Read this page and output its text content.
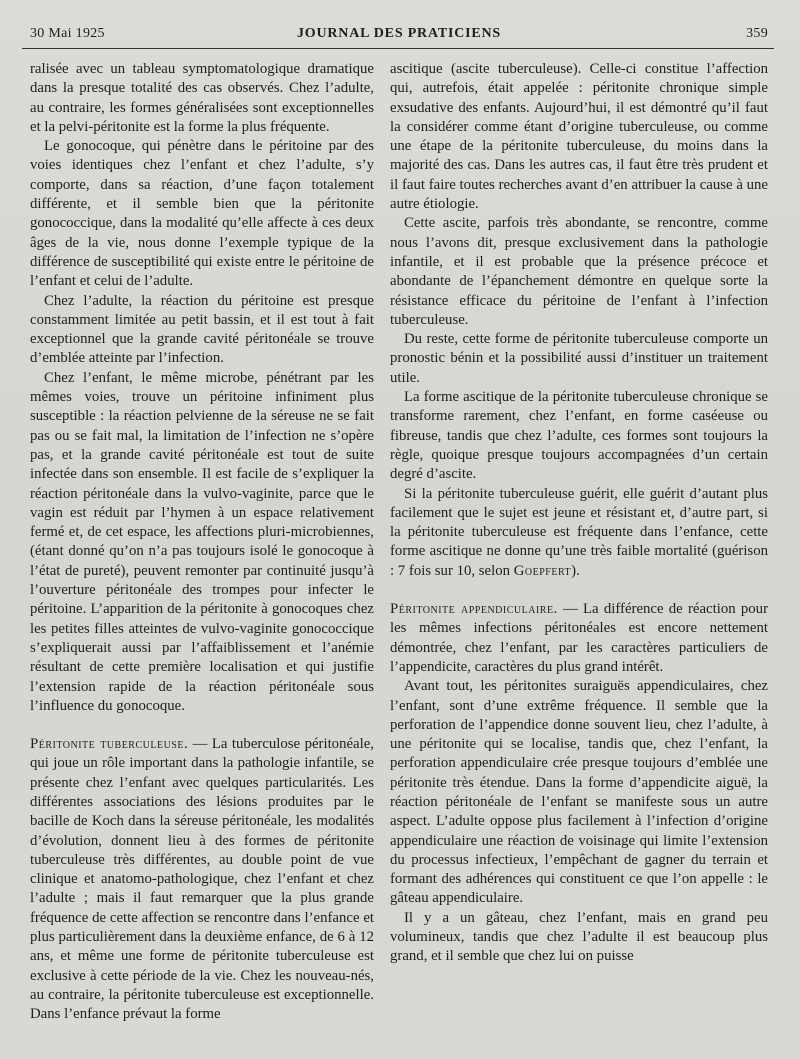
30 Mai 1925	JOURNAL DES PRATICIENS	359

ralisée avec un tableau symptomatologique dramatique dans la presque totalité des cas observés. Chez l’adulte, au contraire, les formes généralisées sont exceptionnelles et la pelvi-péritonite est la forme la plus fréquente.

Le gonocoque, qui pénètre dans le péritoine par des voies identiques chez l’enfant et chez l’adulte, s’y comporte, dans sa réaction, d’une façon totalement différente, et il semble bien que la péritonite gonococcique, dans la modalité qu’elle affecte à ces deux âges de la vie, nous donne l’exemple typique de la différence de susceptibilité qui existe entre le péritoine de l’enfant et celui de l’adulte.

Chez l’adulte, la réaction du péritoine est presque constamment limitée au petit bassin, et il est tout à fait exceptionnel que la grande cavité péritonéale se trouve d’emblée atteinte par l’infection.

Chez l’enfant, le même microbe, pénétrant par les mêmes voies, trouve un péritoine infiniment plus susceptible : la réaction pelvienne de la séreuse ne se fait pas ou se fait mal, la limitation de l’infection ne s’opère pas, et la grande cavité péritonéale est tout de suite infectée dans son ensemble. Il est facile de s’expliquer la réaction péritonéale dans la vulvo-vaginite, parce que le vagin est réduit par l’hymen à un espace relativement fermé et, de cet espace, les affections pluri-microbiennes, (étant donné qu’on n’a pas toujours isolé le gonocoque à l’état de pureté), peuvent remonter par continuité jusqu’à l’ouverture péritonéale des trompes pour infecter le péritoine. L’apparition de la péritonite à gonocoques chez les petites filles atteintes de vulvo-vaginite gonococcique s’expliquerait aussi par l’affaiblissement et l’anémie résultant de cette première localisation et qui justifie l’extension rapide de la réaction péritonéale sous l’influence du gonocoque.

Péritonite tuberculeuse. — La tuberculose péritonéale, qui joue un rôle important dans la pathologie infantile, se présente chez l’enfant avec quelques particularités. Les différentes associations des lésions produites par le bacille de Koch dans la séreuse péritonéale, les modalités d’évolution, donnent lieu à des formes de péritonite tuberculeuse très différentes, au double point de vue clinique et anatomo-pathologique, chez l’enfant et chez l’adulte ; mais il faut remarquer que la plus grande fréquence de cette affection se rencontre dans l’enfance et plus particulièrement dans la deuxième enfance, de 6 à 12 ans, et même une forme de péritonite tuberculeuse est exclusive à cette période de la vie. Chez les nouveau-nés, au contraire, la péritonite tuberculeuse est exceptionnelle. Dans l’enfance prévaut la forme

ascitique (ascite tuberculeuse). Celle-ci constitue l’affection qui, autrefois, était appelée : péritonite chronique simple exsudative des enfants. Aujourd’hui, il est démontré qu’il faut la considérer comme étant d’origine tuberculeuse, ou comme une étape de la péritonite tuberculeuse, du moins dans la majorité des cas. Dans les autres cas, il faut être très prudent et il faut faire toutes recherches avant d’en attribuer la cause à une autre étiologie.

Cette ascite, parfois très abondante, se rencontre, comme nous l’avons dit, presque exclusivement dans la pathologie infantile, et il est probable que la présence précoce et abondante de l’épanchement démontre en quelque sorte la résistance efficace du péritoine de l’enfant à l’infection tuberculeuse.

Du reste, cette forme de péritonite tuberculeuse comporte un pronostic bénin et la possibilité aussi d’instituer un traitement utile.

La forme ascitique de la péritonite tuberculeuse chronique se transforme rarement, chez l’enfant, en forme caséeuse ou fibreuse, tandis que chez l’adulte, ces formes sont toujours la règle, quoique presque toujours accompagnées d’un certain degré d’ascite.

Si la péritonite tuberculeuse guérit, elle guérit d’autant plus facilement que le sujet est jeune et résistant et, d’autre part, si la péritonite tuberculeuse est fréquente dans l’enfance, cette forme ascitique ne donne qu’une très faible mortalité (guérison : 7 fois sur 10, selon Goepfert).

Péritonite appendiculaire. — La différence de réaction pour les mêmes infections péritonéales est encore nettement démontrée, chez l’enfant, par les caractères particuliers de l’appendicite, caractères du plus grand intérêt.

Avant tout, les péritonites suraiguës appendiculaires, chez l’enfant, sont d’une extrême fréquence. Il semble que la perforation de l’appendice donne souvent lieu, chez l’adulte, à une péritonite qui se localise, tandis que, chez l’enfant, la perforation appendiculaire crée presque toujours d’emblée une péritonite très étendue. Dans la forme d’appendicite aiguë, la réaction péritonéale de l’enfant se manifeste sous un autre aspect. L’adulte oppose plus facilement à l’infection d’origine appendiculaire une réaction de voisinage qui limite l’extension du processus infectieux, l’empêchant de gagner du terrain et formant des adhérences qui constituent ce que l’on appelle : le gâteau appendiculaire.

Il y a un gâteau, chez l’enfant, mais en grand peu volumineux, tandis que chez l’adulte il est beaucoup plus grand, et il semble que chez lui on puisse
